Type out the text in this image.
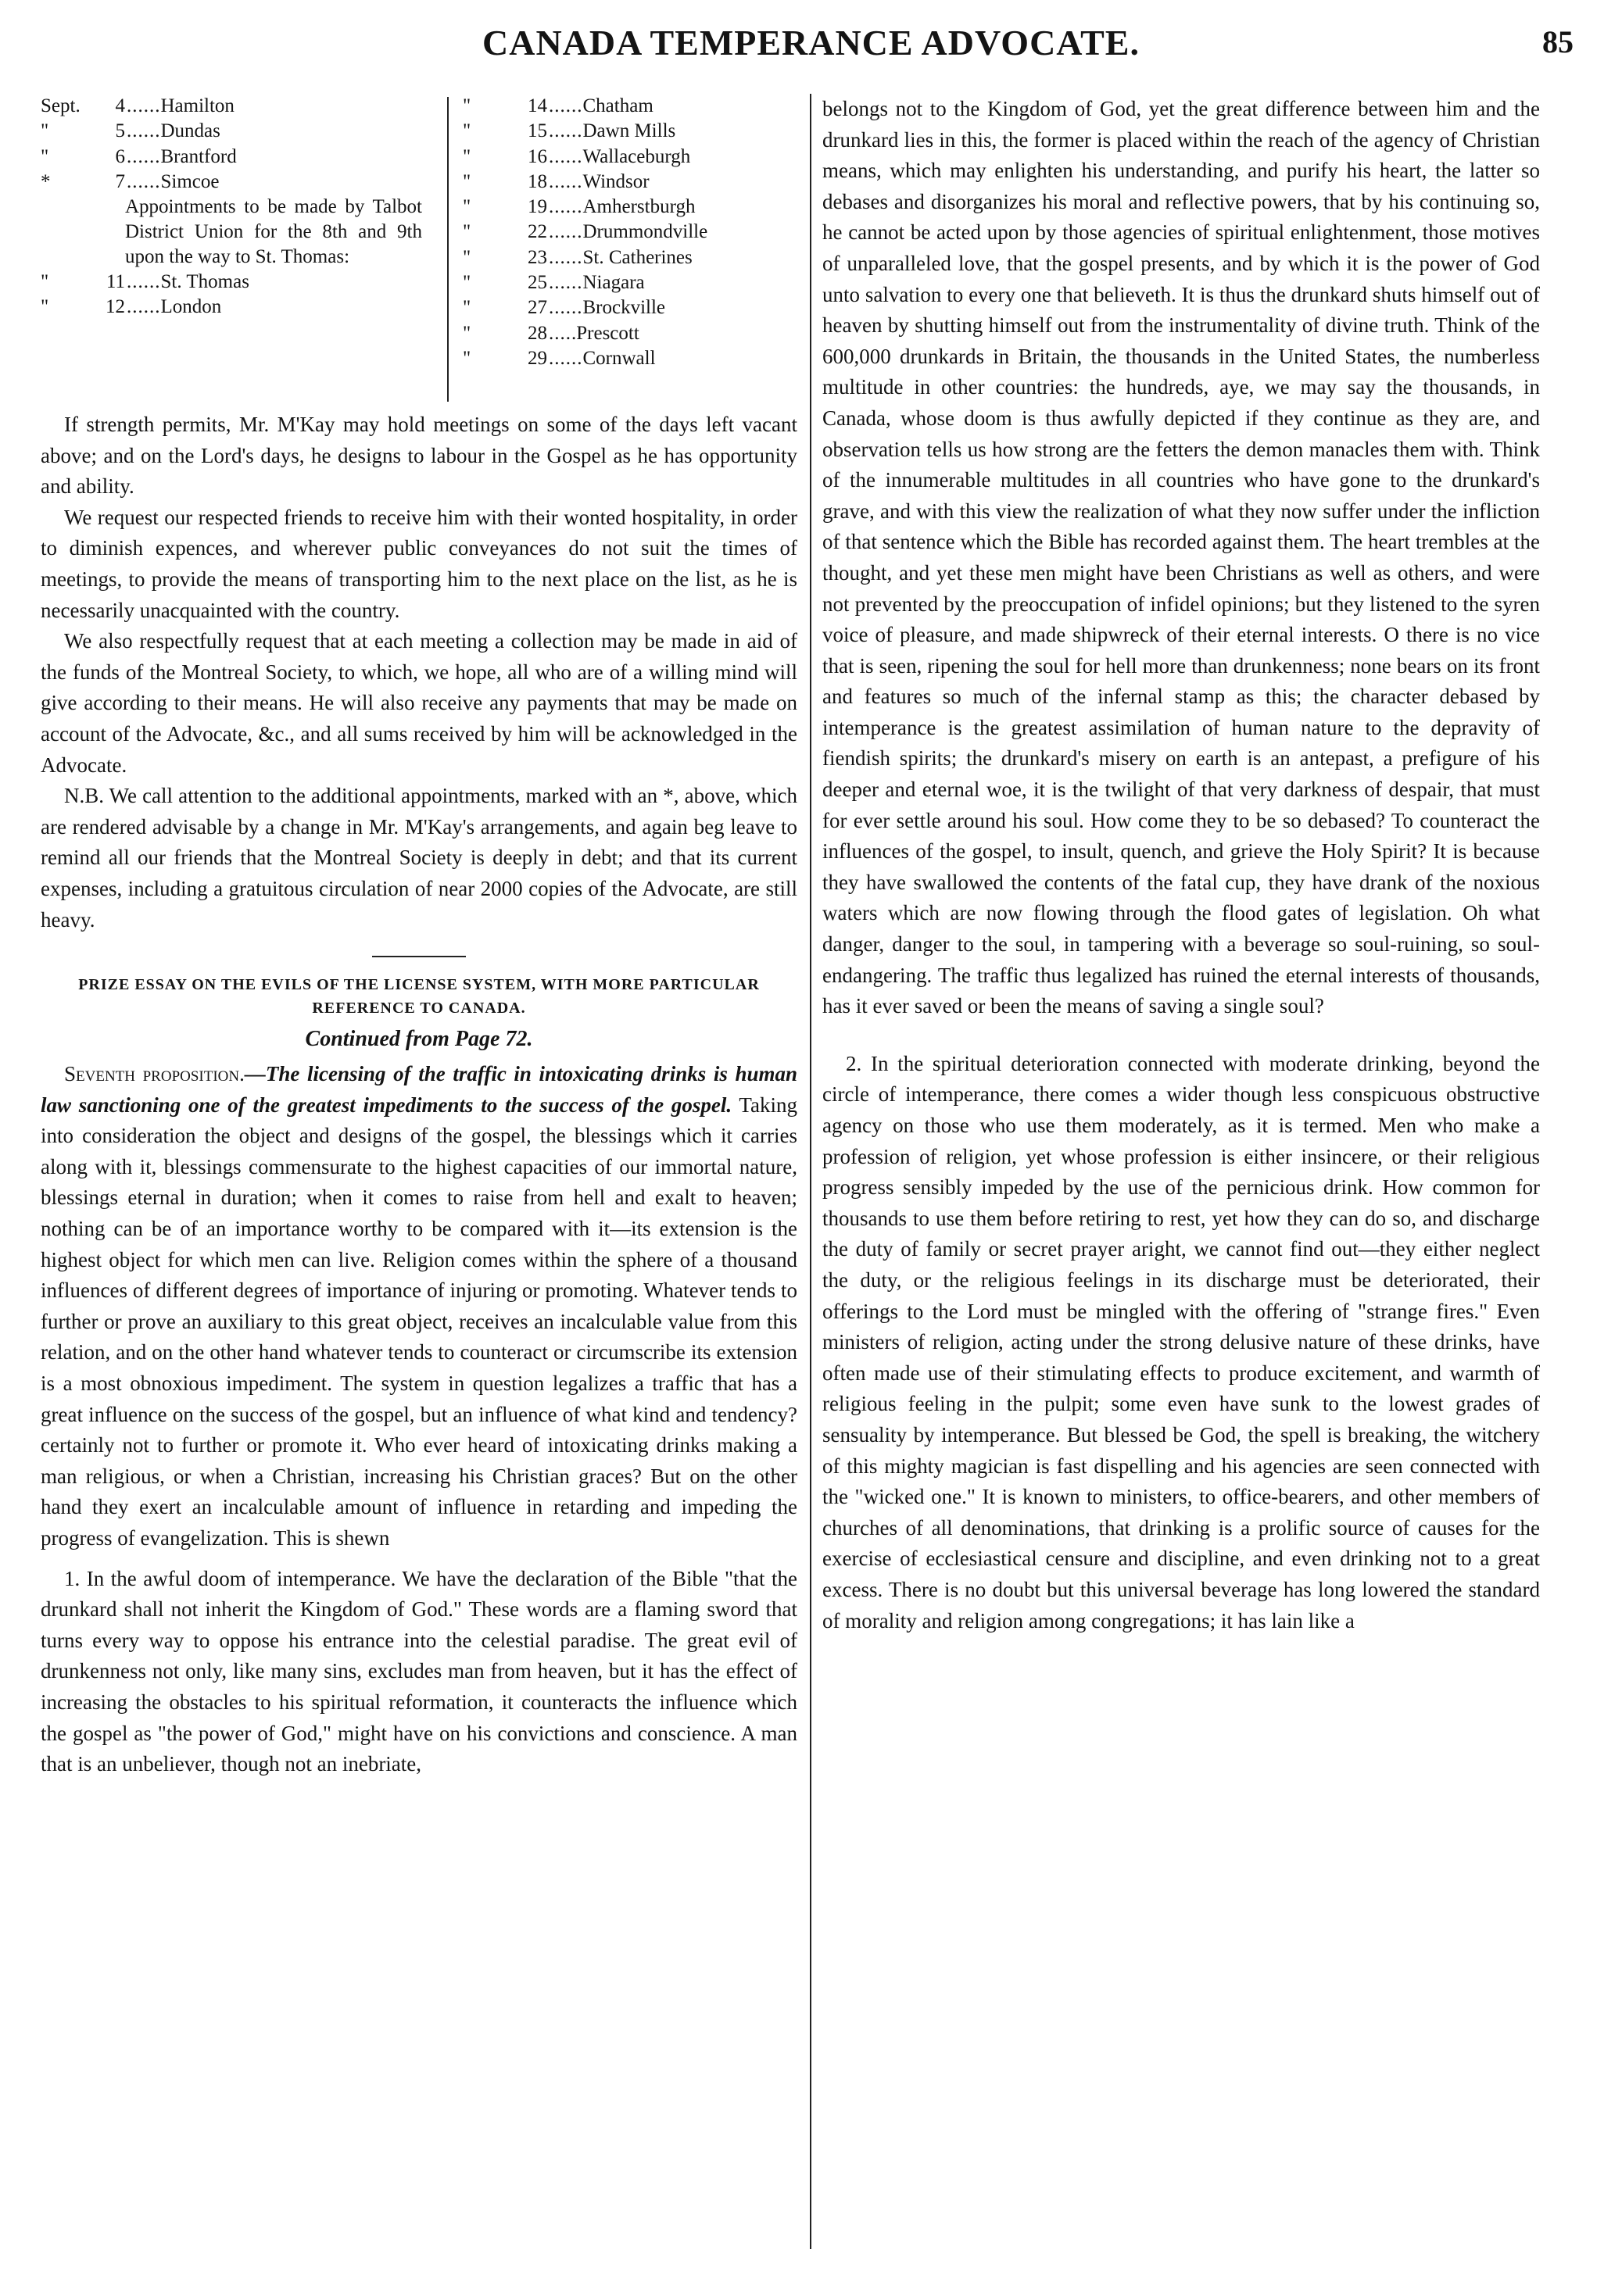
CANADA TEMPERANCE ADVOCATE.	85
Sept.	4 ...... Hamilton
"	5 ...... Dundas
"	6 ...... Brantford
*	7 ...... Simcoe
Appointments to be made by Talbot District Union for the 8th and 9th upon the way to St. Thomas:
"	11 ...... St. Thomas
"	12 ...... London
"	14 ...... Chatham
"	15 ...... Dawn Mills
"	16 ...... Wallaceburgh
"	18 ...... Windsor
"	19 ...... Amherstburgh
"	22 ...... Drummondville
"	23 ...... St. Catherines
"	25 ...... Niagara
"	27 ...... Brockville
"	28 .... .Prescott
"	29 ...... Cornwall

If strength permits, Mr. M'Kay may hold meetings on some of the days left vacant above; and on the Lord's days, he designs to labour in the Gospel as he has opportunity and ability.

We request our respected friends to receive him with their wonted hospitality, in order to diminish expences, and wherever public conveyances do not suit the times of meetings, to provide the means of transporting him to the next place on the list, as he is necessarily unacquainted with the country.

We also respectfully request that at each meeting a collection may be made in aid of the funds of the Montreal Society, to which, we hope, all who are of a willing mind will give according to their means. He will also receive any payments that may be made on account of the Advocate, &c., and all sums received by him will be acknowledged in the Advocate.

N.B. We call attention to the additional appointments, marked with an *, above, which are rendered advisable by a change in Mr. M'Kay's arrangements, and again beg leave to remind all our friends that the Montreal Society is deeply in debt; and that its current expenses, including a gratuitous circulation of near 2000 copies of the Advocate, are still heavy.

PRIZE ESSAY ON THE EVILS OF THE LICENSE SYSTEM, WITH MORE PARTICULAR REFERENCE TO CANADA.
Continued from Page 72.

Seventh proposition.—The licensing of the traffic in intoxicating drinks is human law sanctioning one of the greatest impediments to the success of the gospel. Taking into consideration the object and designs of the gospel, the blessings which it carries along with it, blessings commensurate to the highest capacities of our immortal nature, blessings eternal in duration; when it comes to raise from hell and exalt to heaven; nothing can be of an importance worthy to be compared with it—its extension is the highest object for which men can live. Religion comes within the sphere of a thousand influences of different degrees of importance of injuring or promoting. Whatever tends to further or prove an auxiliary to this great object, receives an incalculable value from this relation, and on the other hand whatever tends to counteract or circumscribe its extension is a most obnoxious impediment. The system in question legalizes a traffic that has a great influence on the success of the gospel, but an influence of what kind and tendency? certainly not to further or promote it. Who ever heard of intoxicating drinks making a man religious, or when a Christian, increasing his Christian graces? But on the other hand they exert an incalculable amount of influence in retarding and impeding the progress of evangelization. This is shewn

1. In the awful doom of intemperance. We have the declaration of the Bible "that the drunkard shall not inherit the Kingdom of God." These words are a flaming sword that turns every way to oppose his entrance into the celestial paradise. The great evil of drunkenness not only, like many sins, excludes man from heaven, but it has the effect of increasing the obstacles to his spiritual reformation, it counteracts the influence which the gospel as "the power of God," might have on his convictions and conscience. A man that is an unbeliever, though not an inebriate,

belongs not to the Kingdom of God, yet the great difference between him and the drunkard lies in this, the former is placed within the reach of the agency of Christian means, which may enlighten his understanding, and purify his heart, the latter so debases and disorganizes his moral and reflective powers, that by his continuing so, he cannot be acted upon by those agencies of spiritual enlightenment, those motives of unparalleled love, that the gospel presents, and by which it is the power of God unto salvation to every one that believeth. It is thus the drunkard shuts himself out of heaven by shutting himself out from the instrumentality of divine truth. Think of the 600,000 drunkards in Britain, the thousands in the United States, the numberless multitude in other countries: the hundreds, aye, we may say the thousands, in Canada, whose doom is thus awfully depicted if they continue as they are, and observation tells us how strong are the fetters the demon manacles them with. Think of the innumerable multitudes in all countries who have gone to the drunkard's grave, and with this view the realization of what they now suffer under the infliction of that sentence which the Bible has recorded against them. The heart trembles at the thought, and yet these men might have been Christians as well as others, and were not prevented by the preoccupation of infidel opinions; but they listened to the syren voice of pleasure, and made shipwreck of their eternal interests. O there is no vice that is seen, ripening the soul for hell more than drunkenness; none bears on its front and features so much of the infernal stamp as this; the character debased by intemperance is the greatest assimilation of human nature to the depravity of fiendish spirits; the drunkard's misery on earth is an antepast, a prefigure of his deeper and eternal woe, it is the twilight of that very darkness of despair, that must for ever settle around his soul. How come they to be so debased? To counteract the influences of the gospel, to insult, quench, and grieve the Holy Spirit? It is because they have swallowed the contents of the fatal cup, they have drank of the noxious waters which are now flowing through the flood gates of legislation. Oh what danger, danger to the soul, in tampering with a beverage so soul-ruining, so soul-endangering. The traffic thus legalized has ruined the eternal interests of thousands, has it ever saved or been the means of saving a single soul?

2. In the spiritual deterioration connected with moderate drinking, beyond the circle of intemperance, there comes a wider though less conspicuous obstructive agency on those who use them moderately, as it is termed. Men who make a profession of religion, yet whose profession is either insincere, or their religious progress sensibly impeded by the use of the pernicious drink. How common for thousands to use them before retiring to rest, yet how they can do so, and discharge the duty of family or secret prayer aright, we cannot find out—they either neglect the duty, or the religious feelings in its discharge must be deteriorated, their offerings to the Lord must be mingled with the offering of "strange fires." Even ministers of religion, acting under the strong delusive nature of these drinks, have often made use of their stimulating effects to produce excitement, and warmth of religious feeling in the pulpit; some even have sunk to the lowest grades of sensuality by intemperance. But blessed be God, the spell is breaking, the witchery of this mighty magician is fast dispelling and his agencies are seen connected with the "wicked one." It is known to ministers, to office-bearers, and other members of churches of all denominations, that drinking is a prolific source of causes for the exercise of ecclesiastical censure and discipline, and even drinking not to a great excess. There is no doubt but this universal beverage has long lowered the standard of morality and religion among congregations; it has lain like a
